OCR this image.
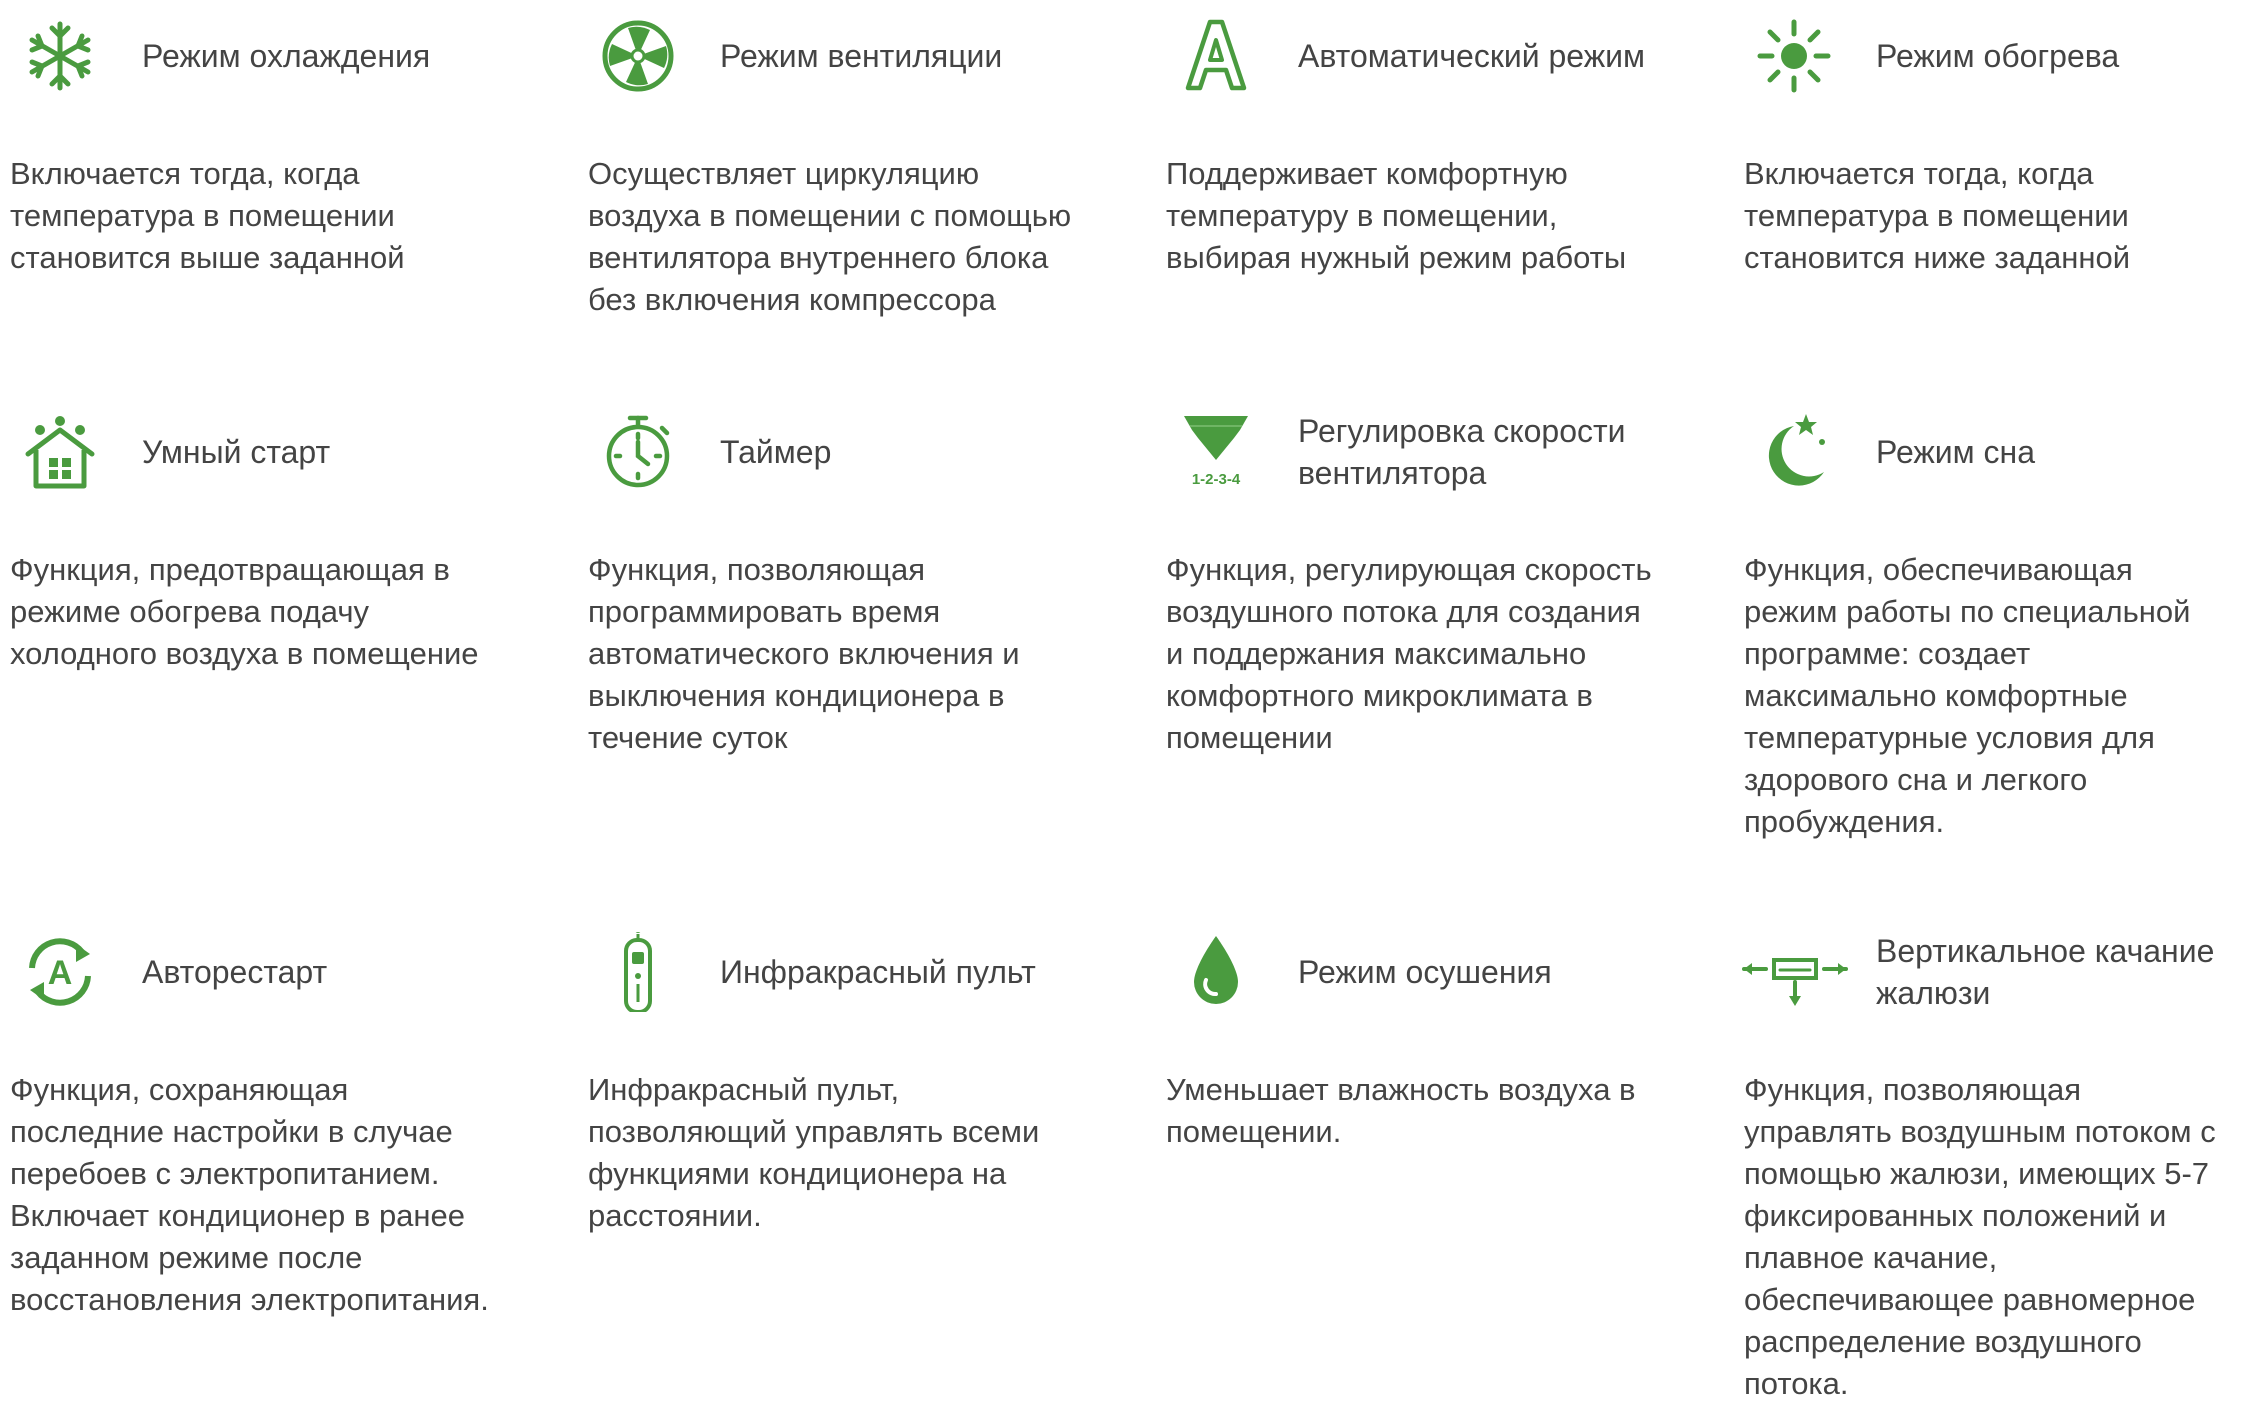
Режим охлаждения
Включается тогда, когда
температура в помещении
становится выше заданной
Режим вентиляции
Осуществляет циркуляцию
воздуха в помещении с помощью
вентилятора внутреннего блока
без включения компрессора
Автоматический режим
Поддерживает комфортную
температуру в помещении,
выбирая нужный режим работы
Режим обогрева
Включается тогда, когда
температура в помещении
становится ниже заданной
Умный старт
Функция, предотвращающая в
режиме обогрева подачу
холодного воздуха в помещение
Таймер
Функция, позволяющая
программировать время
автоматического включения и
выключения кондиционера в
течение суток
1-2-3-4
Регулировка скорости
вентилятора
Функция, регулирующая скорость
воздушного потока для создания
и поддержания максимально
комфортного микроклимата в
помещении
Режим сна
Функция, обеспечивающая
режим работы по специальной
программе: создает
максимально комфортные
температурные условия для
здорового сна и легкого
пробуждения.
A Авторестарт
Функция, сохраняющая
последние настройки в случае
перебоев с электропитанием.
Включает кондиционер в ранее
заданном режиме после
восстановления электропитания.
Инфракрасный пульт
Инфракрасный пульт,
позволяющий управлять всеми
функциями кондиционера на
расстоянии.
Режим осушения
Уменьшает влажность воздуха в
помещении.
Вертикальное качание
жалюзи
Функция, позволяющая
управлять воздушным потоком с
помощью жалюзи, имеющих 5-7
фиксированных положений и
плавное качание,
обеспечивающее равномерное
распределение воздушного
потока.
